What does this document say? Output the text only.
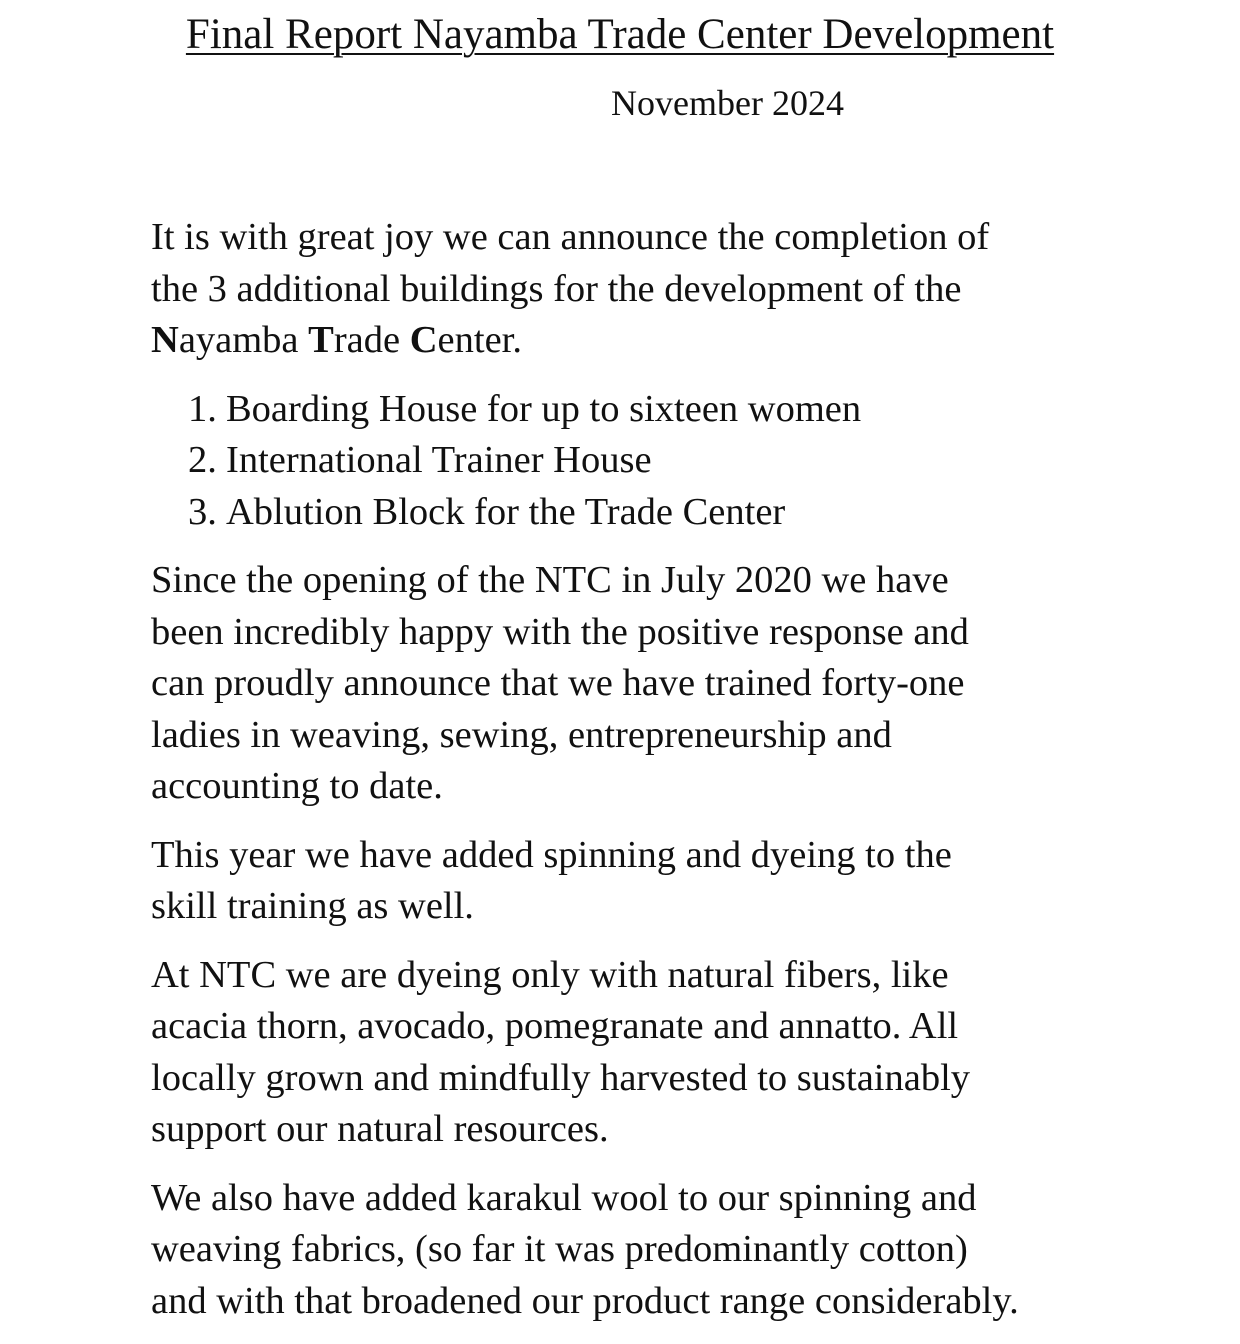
Final Report Nayamba Trade Center Development
November 2024

It is with great joy we can announce the completion of
the 3 additional buildings for the development of the
Nayamba Trade Center.

1. Boarding House for up to sixteen women
2. International Trainer House
3. Ablution Block for the Trade Center

Since the opening of the NTC in July 2020 we have
been incredibly happy with the positive response and
can proudly announce that we have trained forty-one
ladies in weaving, sewing, entrepreneurship and
accounting to date.

This year we have added spinning and dyeing to the
skill training as well.

At NTC we are dyeing only with natural fibers, like
acacia thorn, avocado, pomegranate and annatto. All
locally grown and mindfully harvested to sustainably
support our natural resources.

We also have added karakul wool to our spinning and
weaving fabrics, (so far it was predominantly cotton)
and with that broadened our product range considerably.
